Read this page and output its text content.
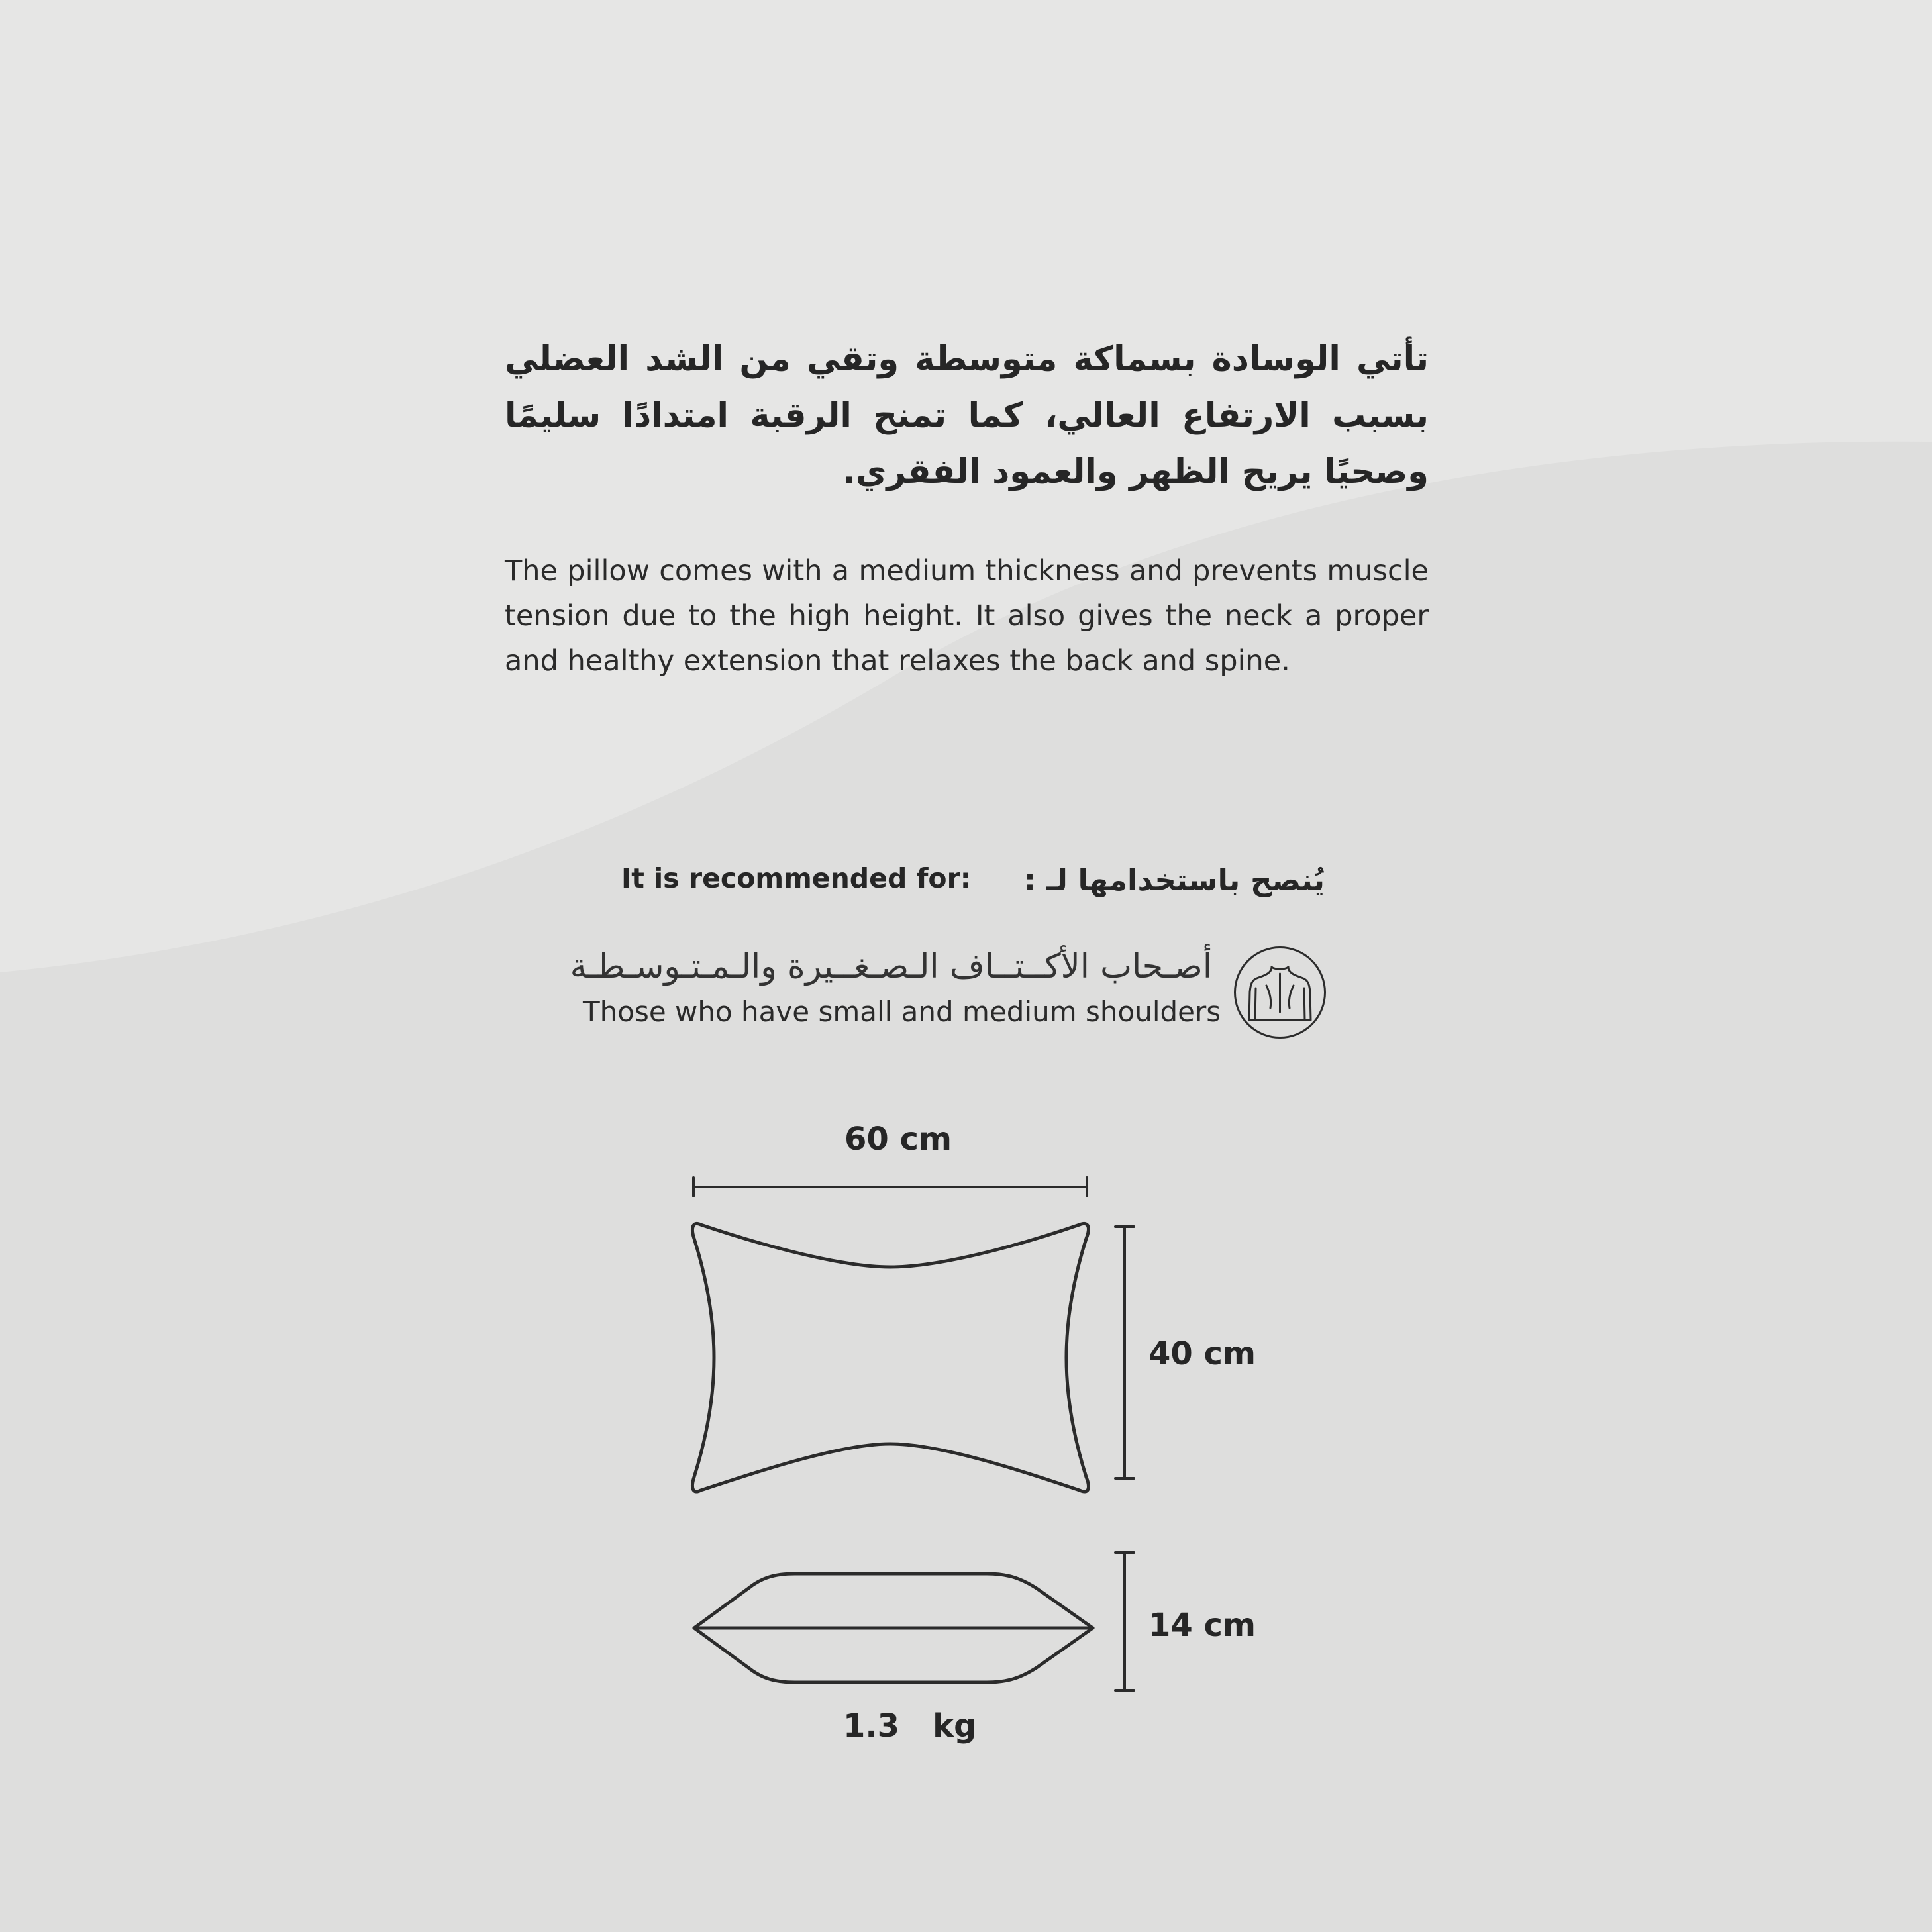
تأتي الوسادة بسماكة متوسطة وتقي من الشد العضلي بسبب الارتفاع العالي، كما تمنح الرقبة امتدادًا سليمًا وصحيًا يريح الظهر والعمود الفقري.
The pillow comes with a medium thickness and prevents muscle tension due to the high height. It also gives the neck a proper and healthy extension that relaxes the back and spine.
It is recommended for: يُنصح باستخدامها لـ :
أصـحاب الأكــتــاف الـصـغــيرة والـمـتـوسـطـة
Those who have small and medium shoulders
60 cm
40 cm
14 cm
1.3   kg
